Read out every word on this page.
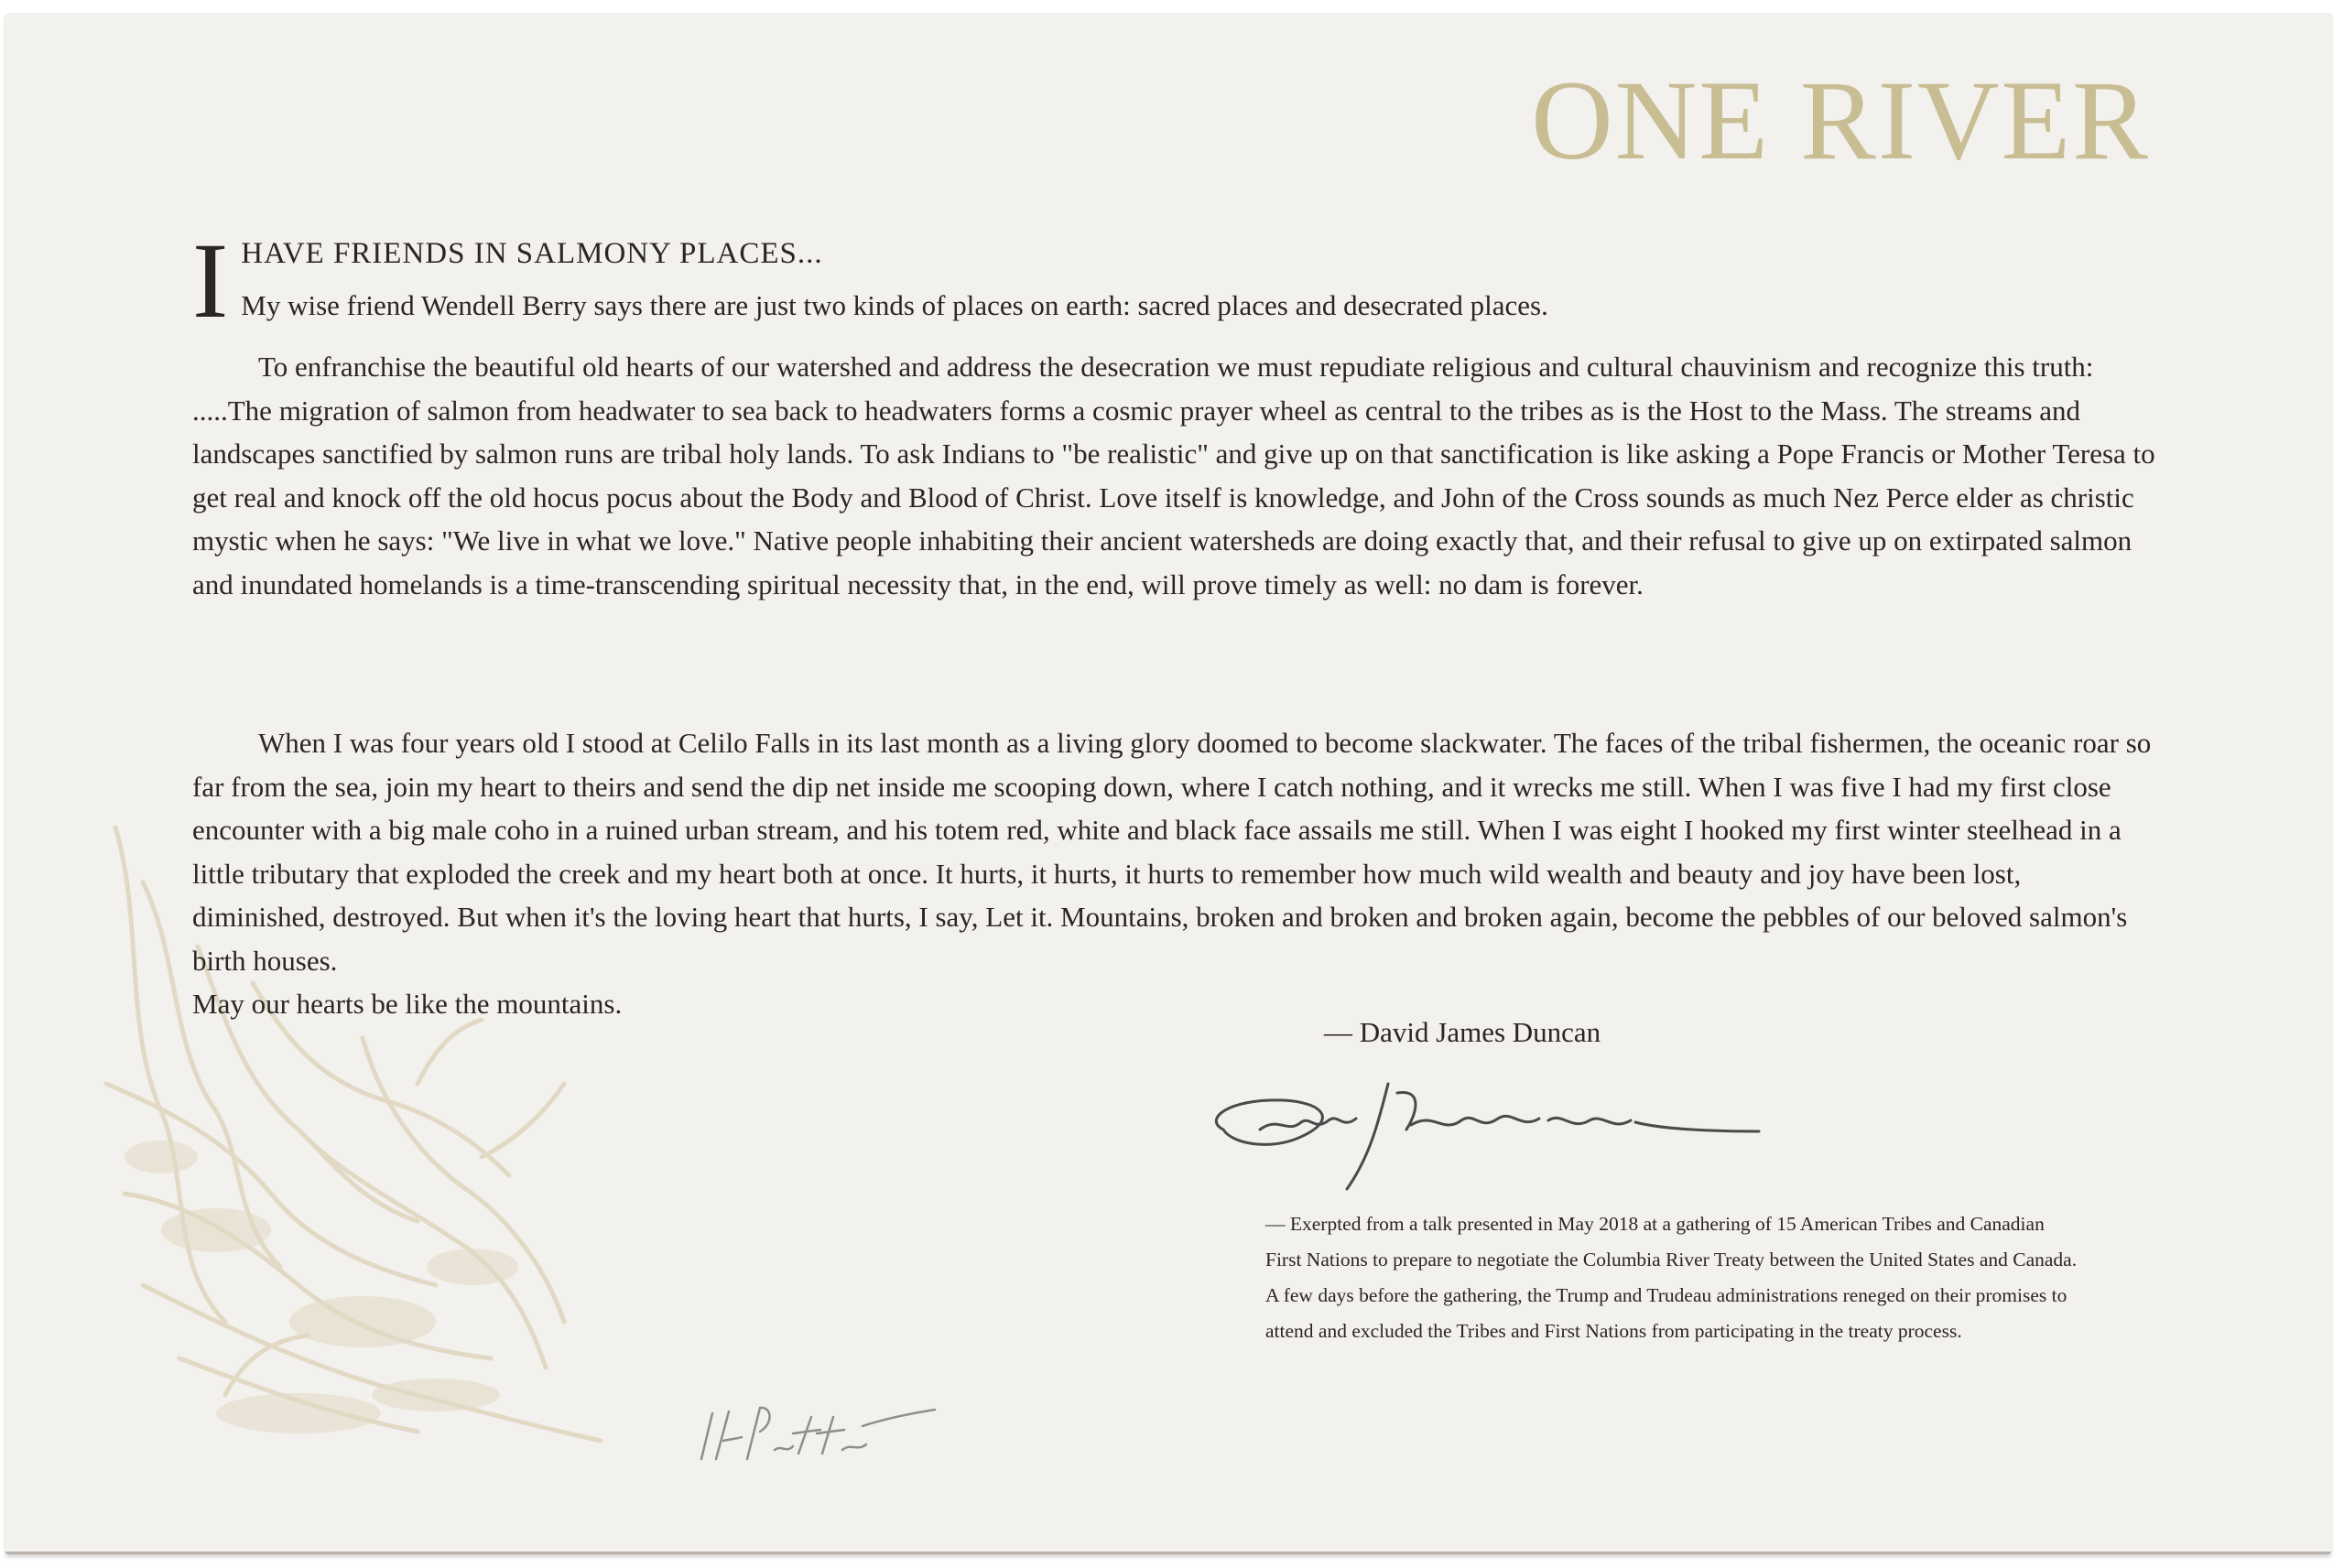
ONE RIVER
I HAVE FRIENDS IN SALMONY PLACES...

My wise friend Wendell Berry says there are just two kinds of places on earth: sacred places and desecrated places.

To enfranchise the beautiful old hearts of our watershed and address the desecration we must repudiate religious and cultural chauvinism and recognize this truth: .....The migration of salmon from headwater to sea back to headwaters forms a cosmic prayer wheel as central to the tribes as is the Host to the Mass. The streams and landscapes sanctified by salmon runs are tribal holy lands. To ask Indians to "be realistic" and give up on that sanctification is like asking a Pope Francis or Mother Teresa to get real and knock off the old hocus pocus about the Body and Blood of Christ. Love itself is knowledge, and John of the Cross sounds as much Nez Perce elder as christic mystic when he says: "We live in what we love." Native people inhabiting their ancient watersheds are doing exactly that, and their refusal to give up on extirpated salmon and inundated homelands is a time-transcending spiritual necessity that, in the end, will prove timely as well: no dam is forever.

When I was four years old I stood at Celilo Falls in its last month as a living glory doomed to become slackwater. The faces of the tribal fishermen, the oceanic roar so far from the sea, join my heart to theirs and send the dip net inside me scooping down, where I catch nothing, and it wrecks me still. When I was five I had my first close encounter with a big male coho in a ruined urban stream, and his totem red, white and black face assails me still. When I was eight I hooked my first winter steelhead in a little tributary that exploded the creek and my heart both at once. It hurts, it hurts, it hurts to remember how much wild wealth and beauty and joy have been lost, diminished, destroyed. But when it's the loving heart that hurts, I say, Let it. Mountains, broken and broken and broken again, become the pebbles of our beloved salmon's birth houses.

May our hearts be like the mountains.

— David James Duncan
— Exerpted from a talk presented in May 2018 at a gathering of 15 American Tribes and Canadian First Nations to prepare to negotiate the Columbia River Treaty between the United States and Canada. A few days before the gathering, the Trump and Trudeau administrations reneged on their promises to attend and excluded the Tribes and First Nations from participating in the treaty process.
